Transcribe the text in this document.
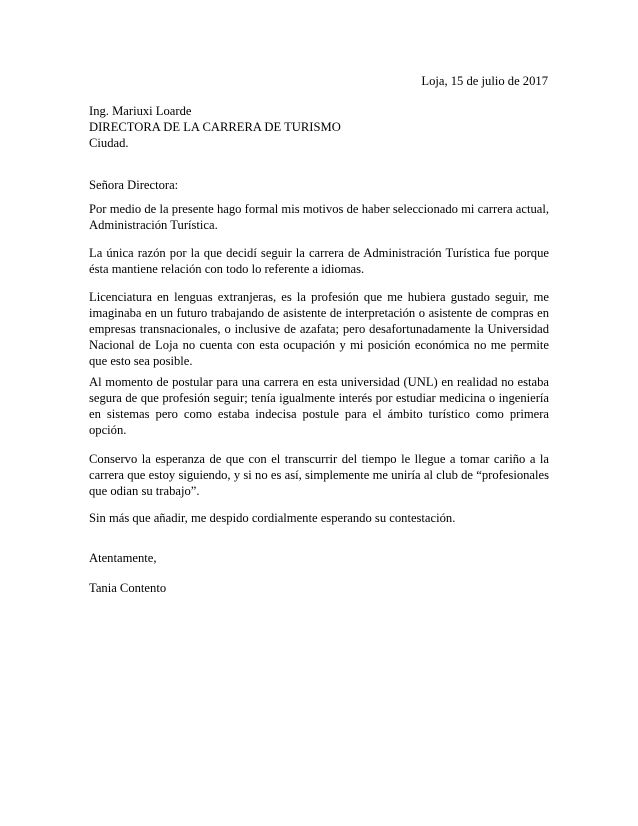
Loja, 15 de julio de 2017
Ing. Mariuxi Loarde
DIRECTORA DE LA CARRERA DE TURISMO
Ciudad.
Señora Directora:

Por medio de la presente hago formal mis motivos de haber seleccionado mi carrera actual, Administración Turística.

La única razón por la que decidí seguir la carrera de Administración Turística fue porque ésta mantiene relación con todo lo referente a idiomas.

Licenciatura en lenguas extranjeras, es la profesión que me hubiera gustado seguir, me imaginaba en un futuro trabajando de asistente de interpretación o asistente de compras en empresas transnacionales, o inclusive de azafata; pero desafortunadamente la Universidad Nacional de Loja no cuenta con esta ocupación y mi posición económica no me permite que esto sea posible.

Al momento de postular para una carrera en esta universidad (UNL) en realidad no estaba segura de que profesión seguir; tenía igualmente interés por estudiar medicina o ingeniería en sistemas pero como estaba indecisa postule para el ámbito turístico como primera opción.

Conservo la esperanza de que con el transcurrir del tiempo le llegue a tomar cariño a la carrera que estoy siguiendo, y si no es así, simplemente me uniría al club de “profesionales que odian su trabajo”.

Sin más que añadir, me despido cordialmente esperando su contestación.

Atentamente,
Tania Contento
